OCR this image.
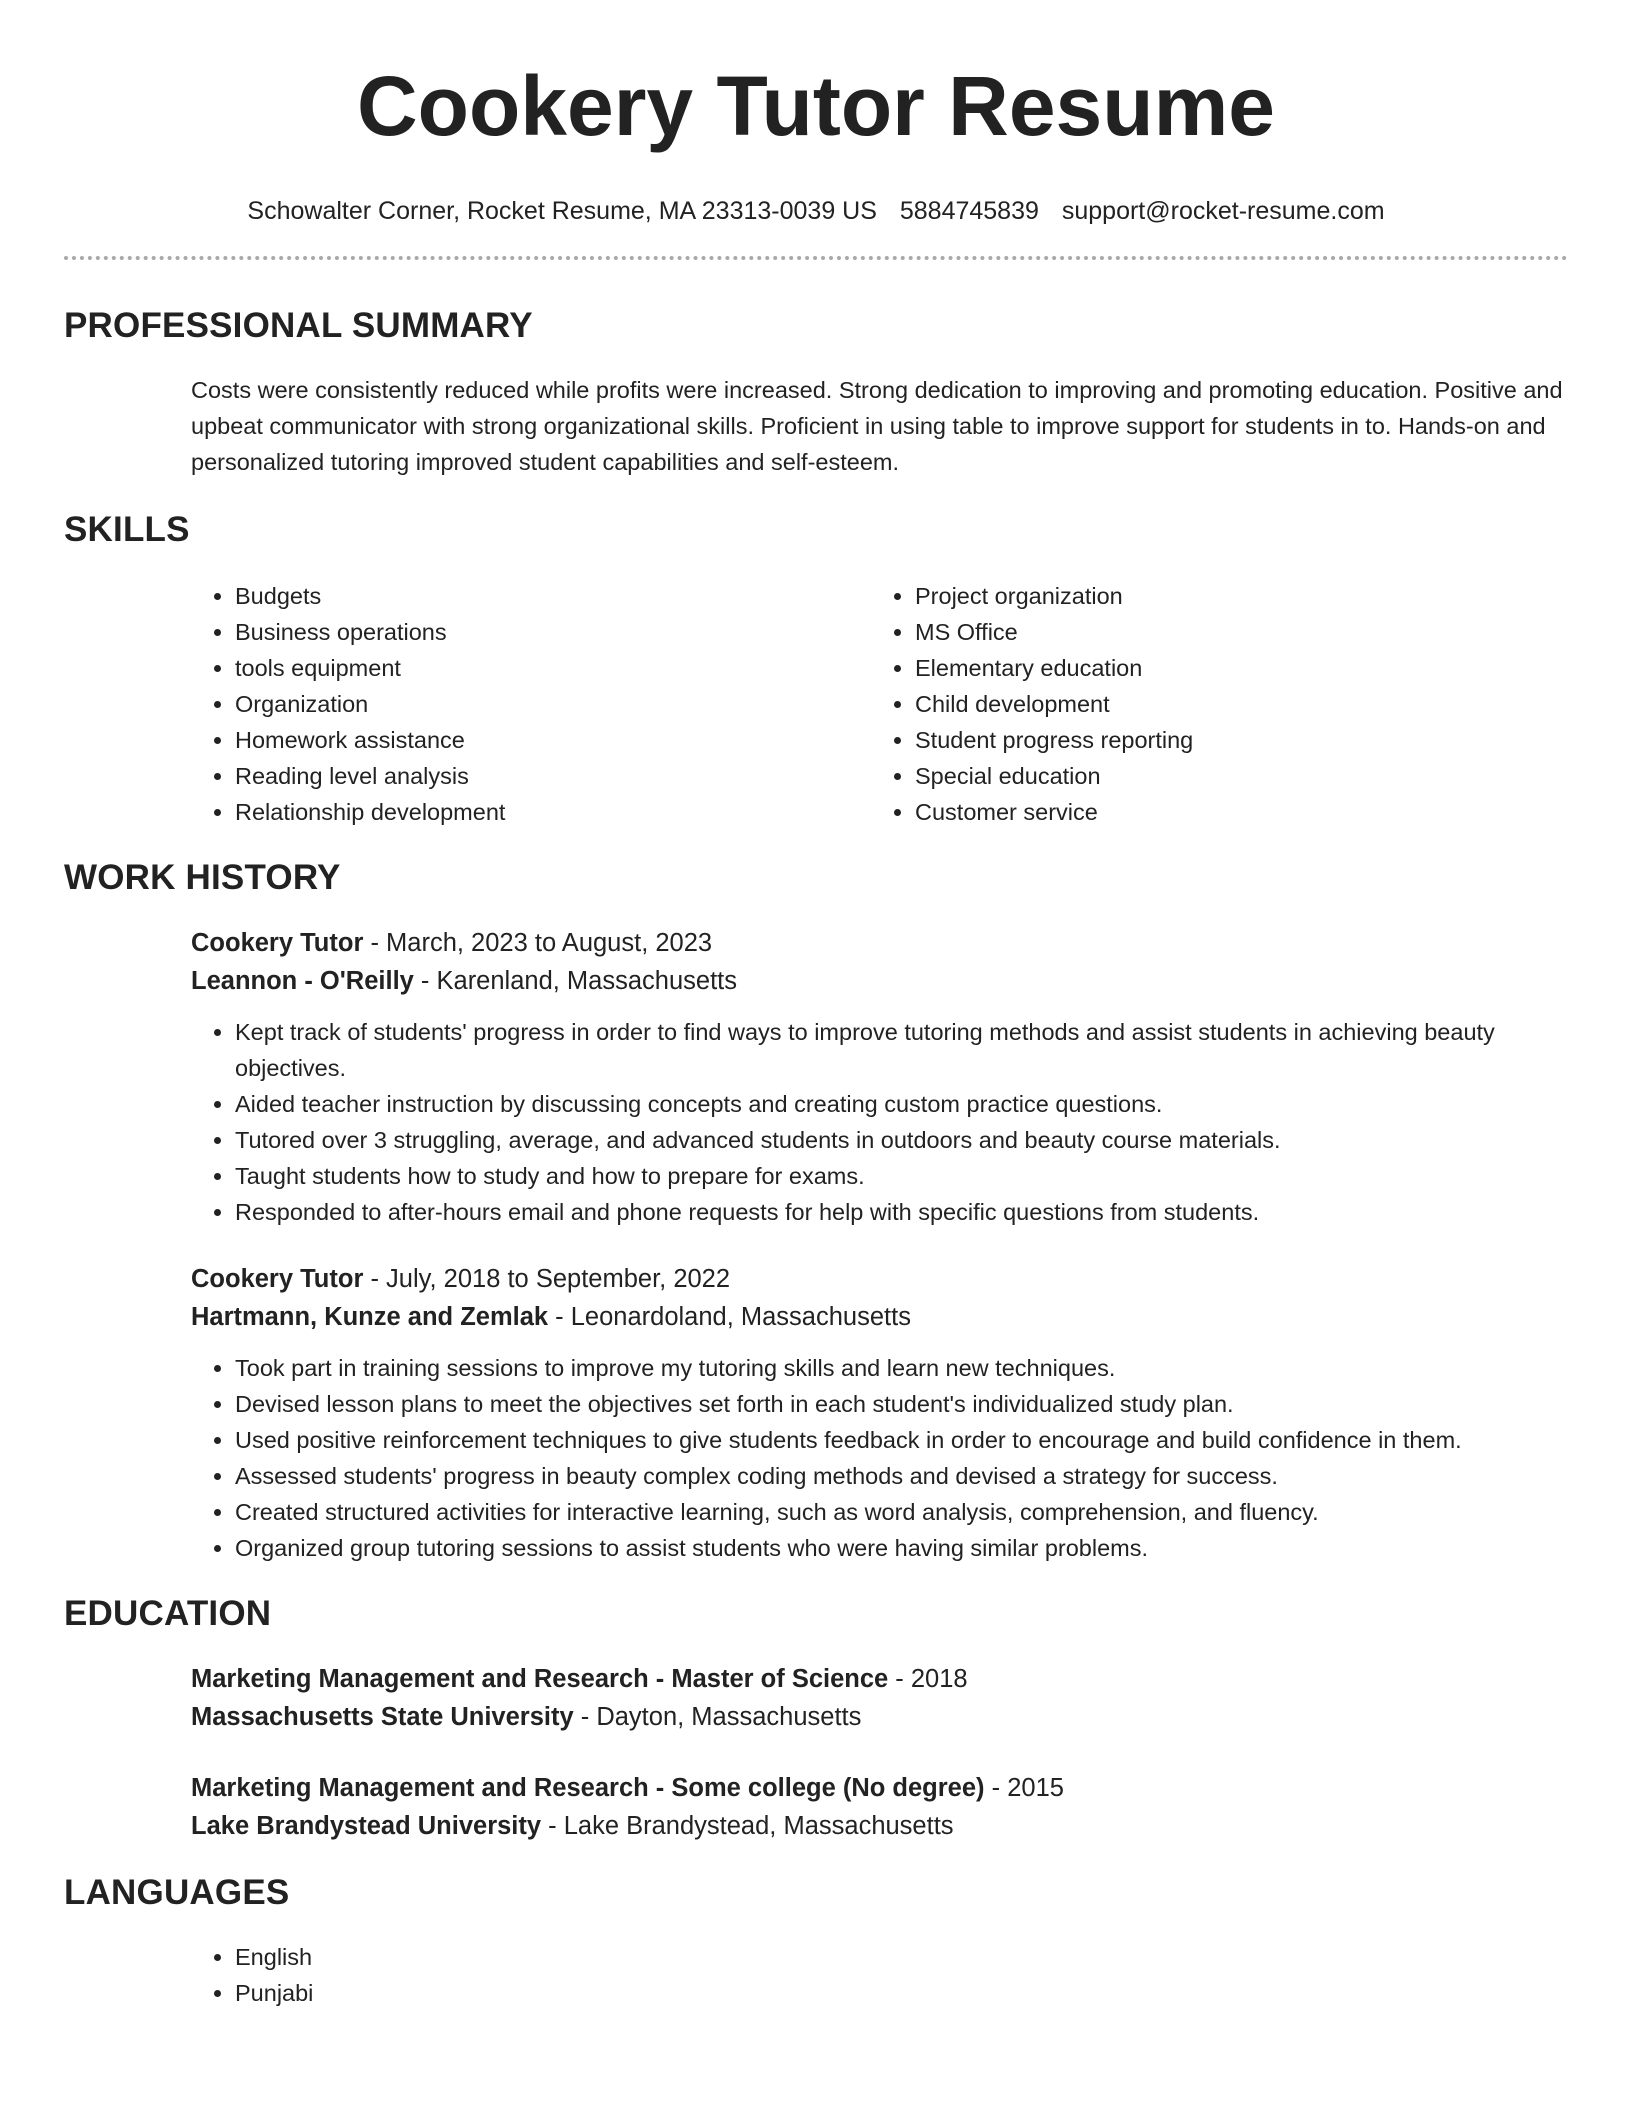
Cookery Tutor Resume
Schowalter Corner, Rocket Resume, MA 23313-0039 US 5884745839 support@rocket-resume.com
PROFESSIONAL SUMMARY

Costs were consistently reduced while profits were increased. Strong dedication to improving and promoting education. Positive and upbeat communicator with strong organizational skills. Proficient in using table to improve support for students in to. Hands-on and personalized tutoring improved student capabilities and self-esteem.

SKILLS
• Budgets
• Business operations
• tools equipment
• Organization
• Homework assistance
• Reading level analysis
• Relationship development
• Project organization
• MS Office
• Elementary education
• Child development
• Student progress reporting
• Special education
• Customer service
WORK HISTORY
Cookery Tutor - March, 2023 to August, 2023
Leannon - O'Reilly - Karenland, Massachusetts
• Kept track of students' progress in order to find ways to improve tutoring methods and assist students in achieving beauty objectives.
• Aided teacher instruction by discussing concepts and creating custom practice questions.
• Tutored over 3 struggling, average, and advanced students in outdoors and beauty course materials.
• Taught students how to study and how to prepare for exams.
• Responded to after-hours email and phone requests for help with specific questions from students.
Cookery Tutor - July, 2018 to September, 2022
Hartmann, Kunze and Zemlak - Leonardoland, Massachusetts
• Took part in training sessions to improve my tutoring skills and learn new techniques.
• Devised lesson plans to meet the objectives set forth in each student's individualized study plan.
• Used positive reinforcement techniques to give students feedback in order to encourage and build confidence in them.
• Assessed students' progress in beauty complex coding methods and devised a strategy for success.
• Created structured activities for interactive learning, such as word analysis, comprehension, and fluency.
• Organized group tutoring sessions to assist students who were having similar problems.
EDUCATION
Marketing Management and Research - Master of Science - 2018
Massachusetts State University - Dayton, Massachusetts
Marketing Management and Research - Some college (No degree) - 2015
Lake Brandystead University - Lake Brandystead, Massachusetts
LANGUAGES
• English
• Punjabi
